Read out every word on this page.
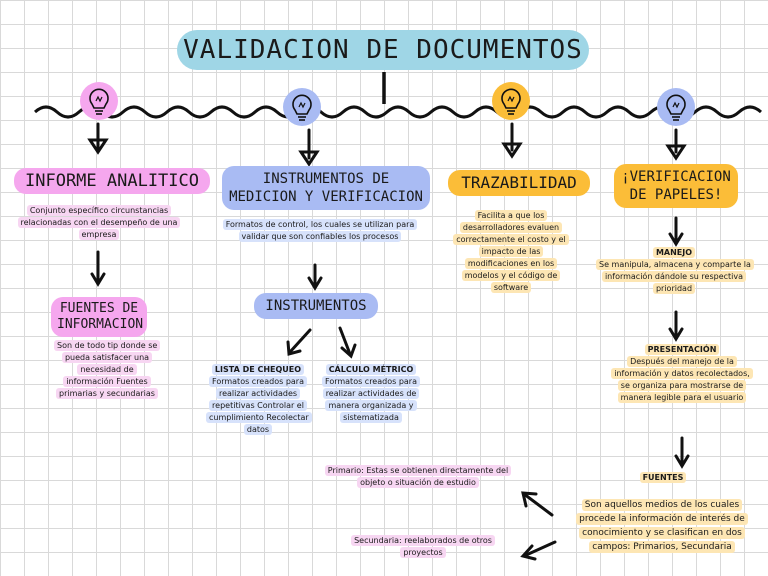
VALIDACION DE DOCUMENTOS
INFORME ANALITICO
Conjunto específico circunstancias relacionadas con el desempeño de una empresa
FUENTES DE INFORMACION
Son de todo tip donde se pueda satisfacer una necesidad de información Fuentes primarias y secundarias
INSTRUMENTOS DE MEDICION Y VERIFICACION
Formatos de control, los cuales se utilizan para validar que son confiables los procesos
INSTRUMENTOS
LISTA DE CHEQUEO
Formatos creados para realizar actividades repetitivas Controlar el cumplimiento Recolectar datos
CÁLCULO MÉTRICO
Formatos creados para realizar actividades de manera organizada y sistematizada
TRAZABILIDAD
Facilita a que los desarrolladores evaluen correctamente el costo y el impacto de las modificaciones en los modelos y el código de software
¡VERIFICACION DE PAPELES!
MANEJO
Se manipula, almacena y comparte la información dándole su respectiva prioridad
PRESENTACIÓN
Después del manejo de la información y datos recolectados, se organiza para mostrarse de manera legible para el usuario
FUENTES
Son aquellos medios de los cuales procede la información de interés de conocimiento y se clasifican en dos campos: Primarios, Secundaria
Primario: Estas se obtienen directamente del objeto o situación de estudio
Secundaria: reelaborados de otros proyectos
